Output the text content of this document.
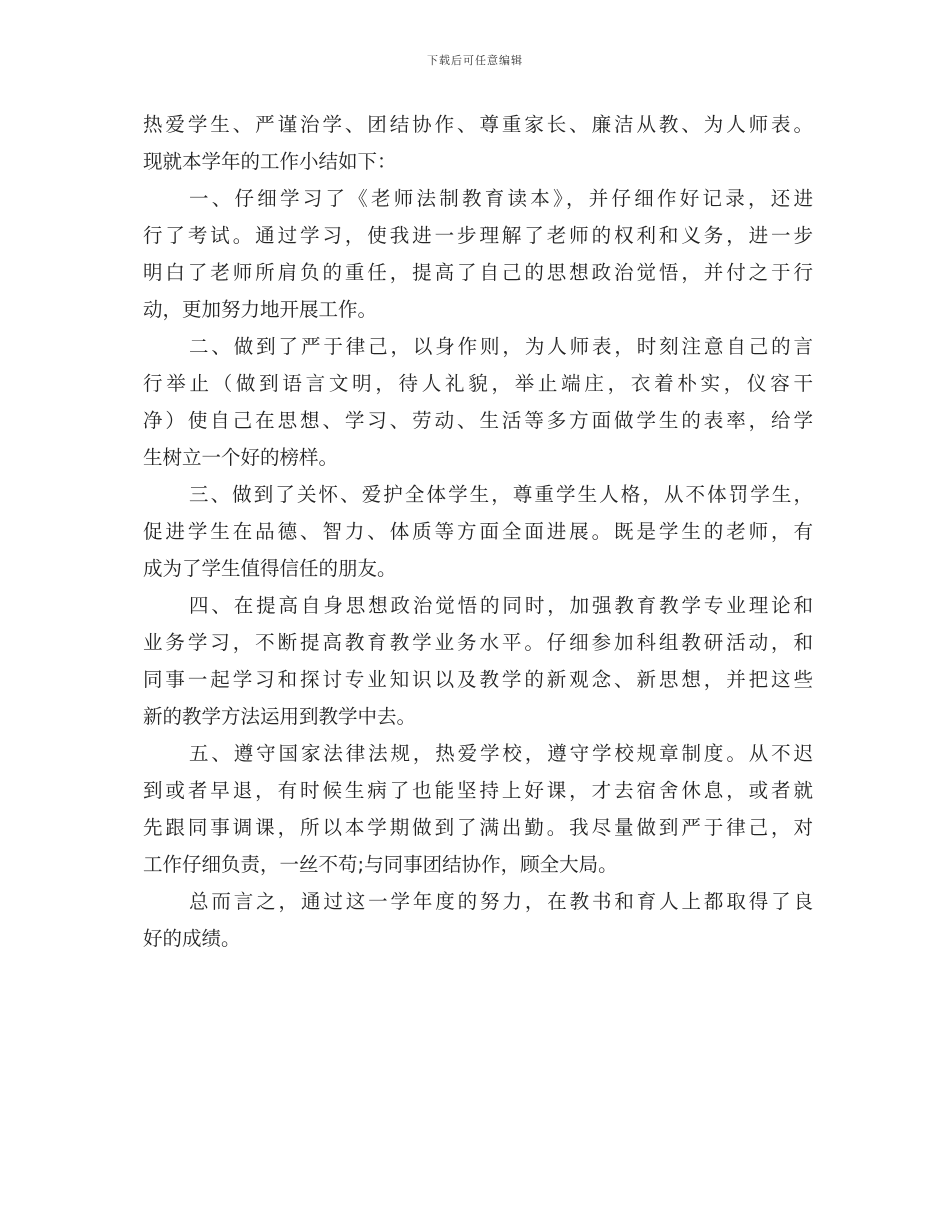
下载后可任意编辑
热爱学生、严谨治学、团结协作、尊重家长、廉洁从教、为人师表。
现就本学年的工作小结如下：
一、仔细学习了《老师法制教育读本》，并仔细作好记录，还进
行了考试。通过学习，使我进一步理解了老师的权利和义务，进一步
明白了老师所肩负的重任，提高了自己的思想政治觉悟，并付之于行
动，更加努力地开展工作。
二、做到了严于律己，以身作则，为人师表，时刻注意自己的言
行举止（做到语言文明，待人礼貌，举止端庄，衣着朴实，仪容干
净）使自己在思想、学习、劳动、生活等多方面做学生的表率，给学
生树立一个好的榜样。
三、做到了关怀、爱护全体学生，尊重学生人格，从不体罚学生，
促进学生在品德、智力、体质等方面全面进展。既是学生的老师，有
成为了学生值得信任的朋友。
四、在提高自身思想政治觉悟的同时，加强教育教学专业理论和
业务学习，不断提高教育教学业务水平。仔细参加科组教研活动，和
同事一起学习和探讨专业知识以及教学的新观念、新思想，并把这些
新的教学方法运用到教学中去。
五、遵守国家法律法规，热爱学校，遵守学校规章制度。从不迟
到或者早退，有时候生病了也能坚持上好课，才去宿舍休息，或者就
先跟同事调课，所以本学期做到了满出勤。我尽量做到严于律己，对
工作仔细负责，一丝不苟;与同事团结协作，顾全大局。
总而言之，通过这一学年度的努力，在教书和育人上都取得了良
好的成绩。
